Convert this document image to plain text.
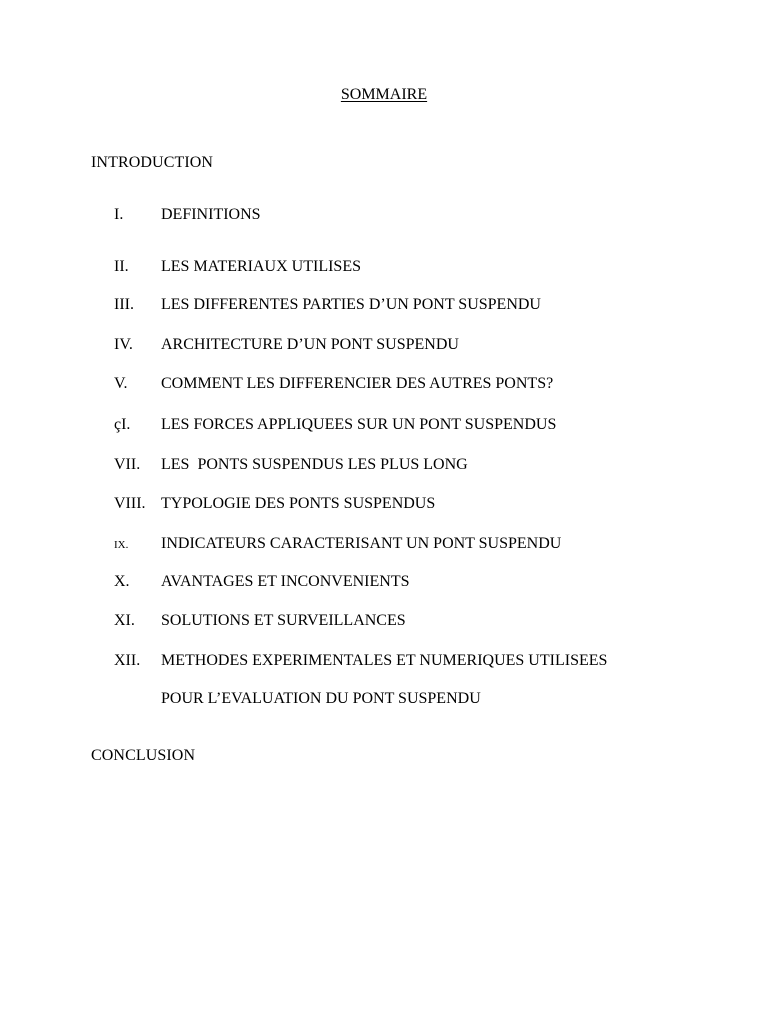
SOMMAIRE
INTRODUCTION
I. DEFINITIONS
II. LES MATERIAUX UTILISES
III. LES DIFFERENTES PARTIES D’UN PONT SUSPENDU
IV. ARCHITECTURE D’UN PONT SUSPENDU
V. COMMENT LES DIFFERENCIER DES AUTRES PONTS?
çI. LES FORCES APPLIQUEES SUR UN PONT SUSPENDUS
VII. LES  PONTS SUSPENDUS LES PLUS LONG
VIII. TYPOLOGIE DES PONTS SUSPENDUS
IX. INDICATEURS CARACTERISANT UN PONT SUSPENDU
X. AVANTAGES ET INCONVENIENTS
XI. SOLUTIONS ET SURVEILLANCES
XII. METHODES EXPERIMENTALES ET NUMERIQUES UTILISEES
POUR L’EVALUATION DU PONT SUSPENDU
CONCLUSION
